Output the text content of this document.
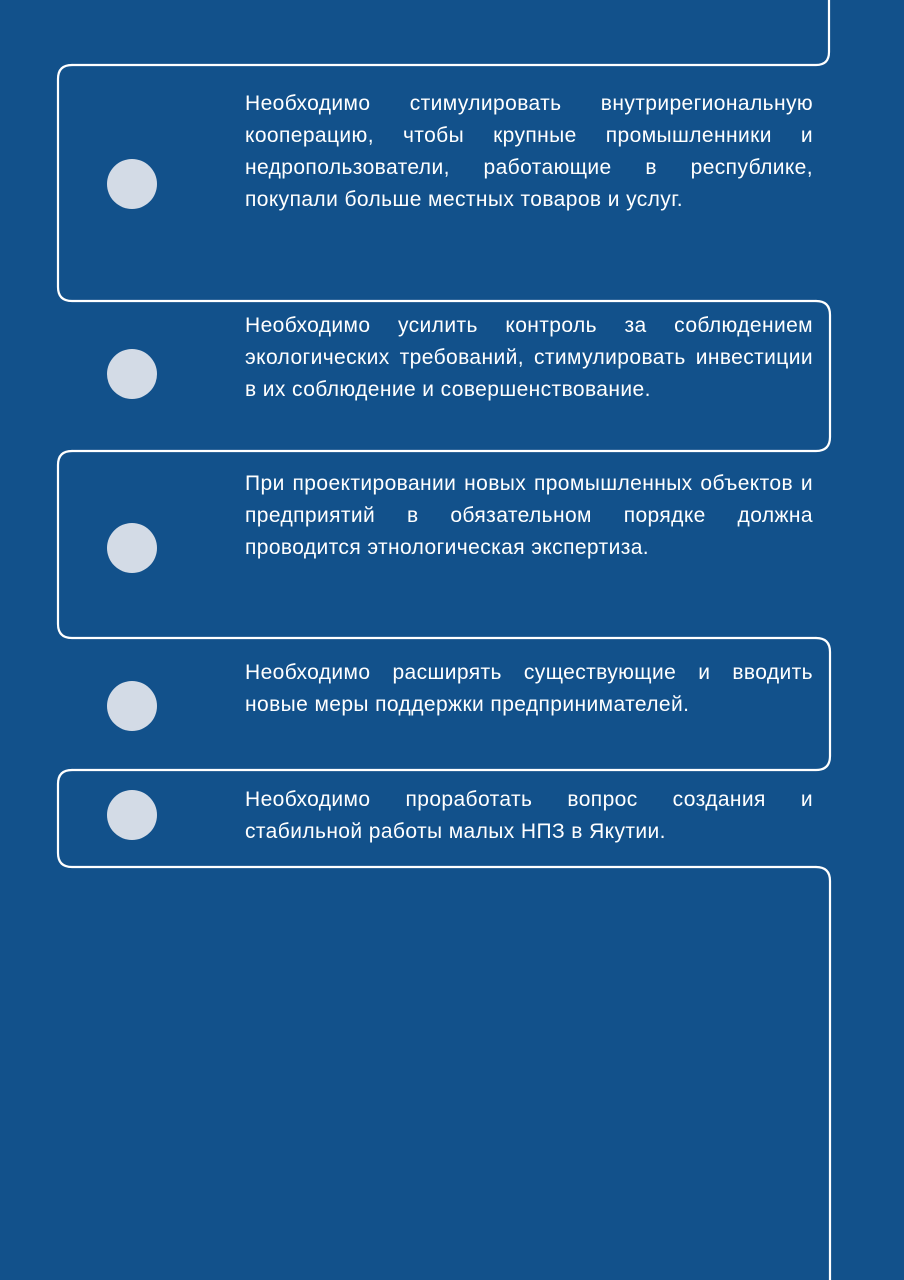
Необходимо стимулировать внутрирегиональную кооперацию, чтобы крупные промышленники и недропользователи, работающие в республике, покупали больше местных товаров и услуг.

Необходимо усилить контроль за соблюдением экологических требований, стимулировать инвестиции в их соблюдение и совершенствование.

При проектировании новых промышленных объектов и предприятий в обязательном порядке должна проводится этнологическая экспертиза.

Необходимо расширять существующие и вводить новые меры поддержки предпринимателей.

Необходимо проработать вопрос создания и стабильной работы малых НПЗ в Якутии.
